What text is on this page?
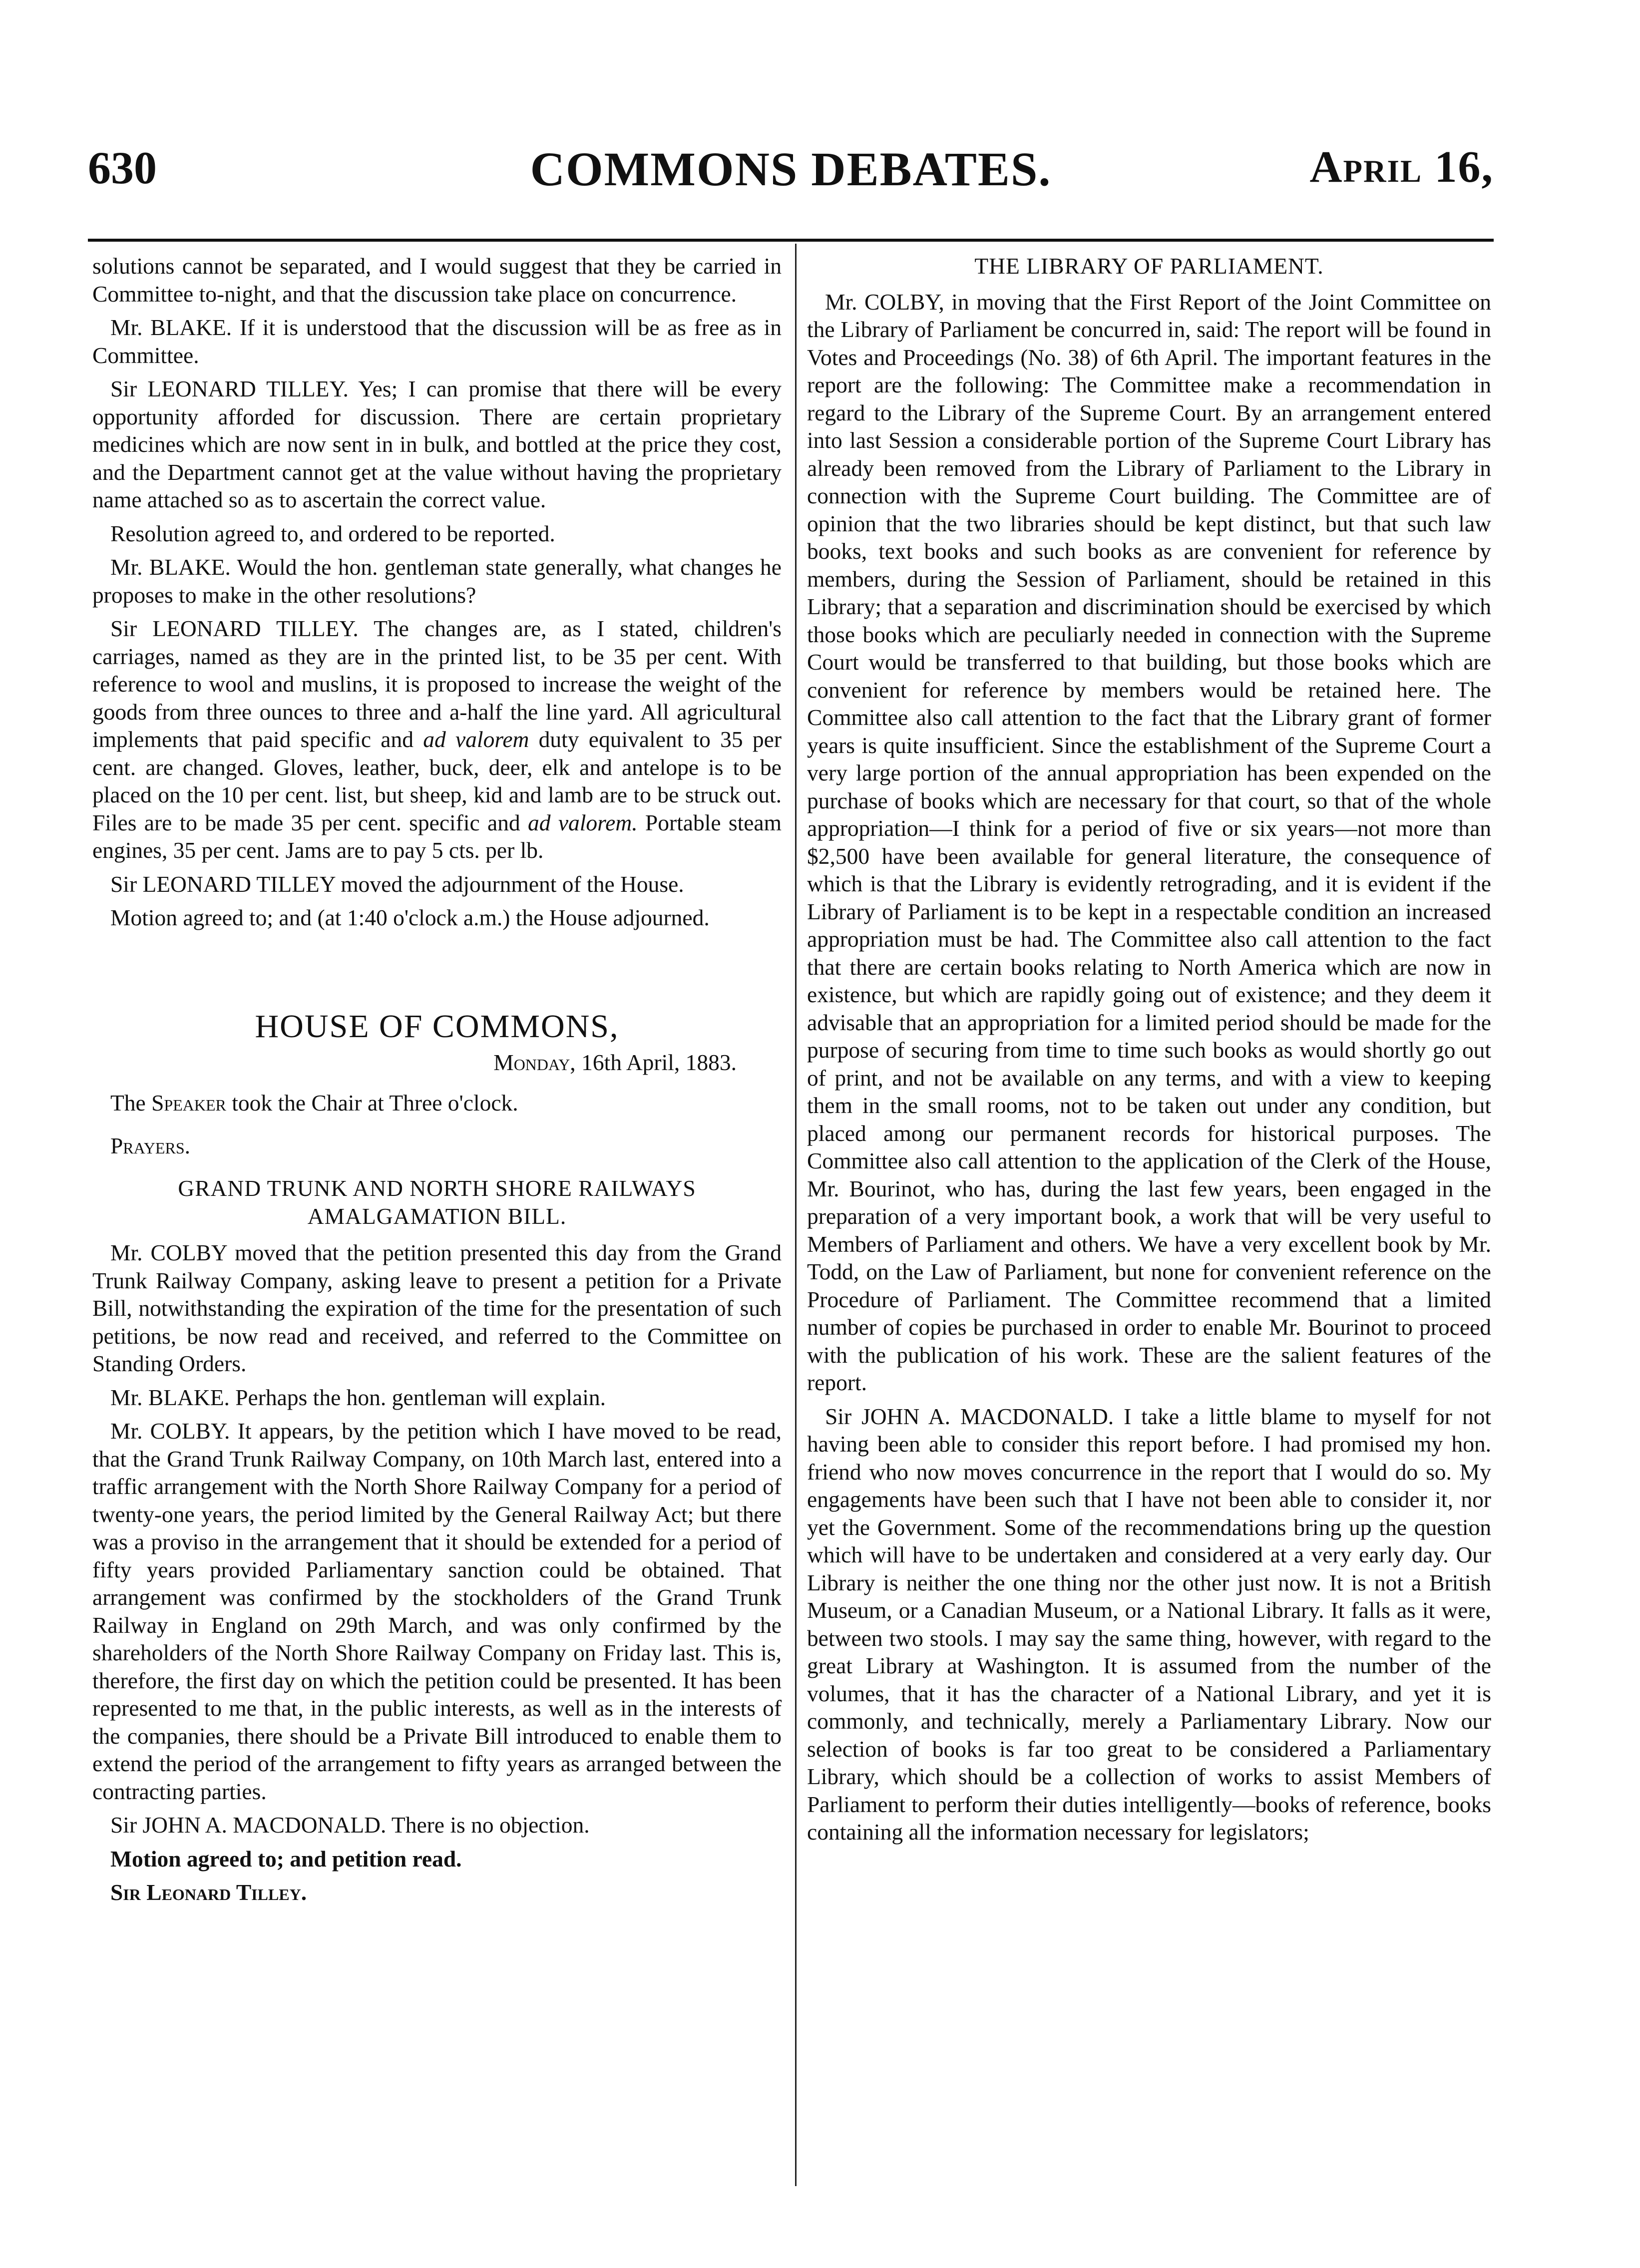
630	COMMONS DEBATES.	April 16,

solutions cannot be separated, and I would suggest that they be carried in Committee to-night, and that the discussion take place on concurrence.

Mr. BLAKE. If it is understood that the discussion will be as free as in Committee.

Sir LEONARD TILLEY. Yes; I can promise that there will be every opportunity afforded for discussion. There are certain proprietary medicines which are now sent in in bulk, and bottled at the price they cost, and the Department cannot get at the value without having the proprietary name attached so as to ascertain the correct value.

Resolution agreed to, and ordered to be reported.

Mr. BLAKE. Would the hon. gentleman state generally, what changes he proposes to make in the other resolutions?

Sir LEONARD TILLEY. The changes are, as I stated, children's carriages, named as they are in the printed list, to be 35 per cent. With reference to wool and muslins, it is proposed to increase the weight of the goods from three ounces to three and a-half the line yard. All agricultural implements that paid specific and ad valorem duty equivalent to 35 per cent. are changed. Gloves, leather, buck, deer, elk and antelope is to be placed on the 10 per cent. list, but sheep, kid and lamb are to be struck out. Files are to be made 35 per cent. specific and ad valorem. Portable steam engines, 35 per cent. Jams are to pay 5 cts. per lb.

Sir LEONARD TILLEY moved the adjournment of the House.

Motion agreed to; and (at 1:40 o'clock a.m.) the House adjourned.

HOUSE OF COMMONS,
Monday, 16th April, 1883.
The Speaker took the Chair at Three o'clock.
Prayers.
GRAND TRUNK AND NORTH SHORE RAILWAYS
AMALGAMATION BILL.

Mr. COLBY moved that the petition presented this day from the Grand Trunk Railway Company, asking leave to present a petition for a Private Bill, notwithstanding the expiration of the time for the presentation of such petitions, be now read and received, and referred to the Committee on Standing Orders.

Mr. BLAKE. Perhaps the hon. gentleman will explain.

Mr. COLBY. It appears, by the petition which I have moved to be read, that the Grand Trunk Railway Company, on 10th March last, entered into a traffic arrangement with the North Shore Railway Company for a period of twenty-one years, the period limited by the General Railway Act; but there was a proviso in the arrangement that it should be extended for a period of fifty years provided Parliamentary sanction could be obtained. That arrangement was confirmed by the stockholders of the Grand Trunk Railway in England on 29th March, and was only confirmed by the shareholders of the North Shore Railway Company on Friday last. This is, therefore, the first day on which the petition could be presented. It has been represented to me that, in the public interests, as well as in the interests of the companies, there should be a Private Bill introduced to enable them to extend the period of the arrangement to fifty years as arranged between the contracting parties.

Sir JOHN A. MACDONALD. There is no objection.

Motion agreed to; and petition read.

Sir Leonard Tilley.

THE LIBRARY OF PARLIAMENT.

Mr. COLBY, in moving that the First Report of the Joint Committee on the Library of Parliament be concurred in, said: The report will be found in Votes and Proceedings (No. 38) of 6th April. The important features in the report are the following: The Committee make a recommendation in regard to the Library of the Supreme Court. By an arrangement entered into last Session a considerable portion of the Supreme Court Library has already been removed from the Library of Parliament to the Library in connection with the Supreme Court building. The Committee are of opinion that the two libraries should be kept distinct, but that such law books, text books and such books as are convenient for reference by members, during the Session of Parliament, should be retained in this Library; that a separation and discrimination should be exercised by which those books which are peculiarly needed in connection with the Supreme Court would be transferred to that building, but those books which are convenient for reference by members would be retained here. The Committee also call attention to the fact that the Library grant of former years is quite insufficient. Since the establishment of the Supreme Court a very large portion of the annual appropriation has been expended on the purchase of books which are necessary for that court, so that of the whole appropriation—I think for a period of five or six years—not more than $2,500 have been available for general literature, the consequence of which is that the Library is evidently retrograding, and it is evident if the Library of Parliament is to be kept in a respectable condition an increased appropriation must be had. The Committee also call attention to the fact that there are certain books relating to North America which are now in existence, but which are rapidly going out of existence; and they deem it advisable that an appropriation for a limited period should be made for the purpose of securing from time to time such books as would shortly go out of print, and not be available on any terms, and with a view to keeping them in the small rooms, not to be taken out under any condition, but placed among our permanent records for historical purposes. The Committee also call attention to the application of the Clerk of the House, Mr. Bourinot, who has, during the last few years, been engaged in the preparation of a very important book, a work that will be very useful to Members of Parliament and others. We have a very excellent book by Mr. Todd, on the Law of Parliament, but none for convenient reference on the Procedure of Parliament. The Committee recommend that a limited number of copies be purchased in order to enable Mr. Bourinot to proceed with the publication of his work. These are the salient features of the report.

Sir JOHN A. MACDONALD. I take a little blame to myself for not having been able to consider this report before. I had promised my hon. friend who now moves concurrence in the report that I would do so. My engagements have been such that I have not been able to consider it, nor yet the Government. Some of the recommendations bring up the question which will have to be undertaken and considered at a very early day. Our Library is neither the one thing nor the other just now. It is not a British Museum, or a Canadian Museum, or a National Library. It falls as it were, between two stools. I may say the same thing, however, with regard to the great Library at Washington. It is assumed from the number of the volumes, that it has the character of a National Library, and yet it is commonly, and technically, merely a Parliamentary Library. Now our selection of books is far too great to be considered a Parliamentary Library, which should be a collection of works to assist Members of Parliament to perform their duties intelligently—books of reference, books containing all the information necessary for legislators;
